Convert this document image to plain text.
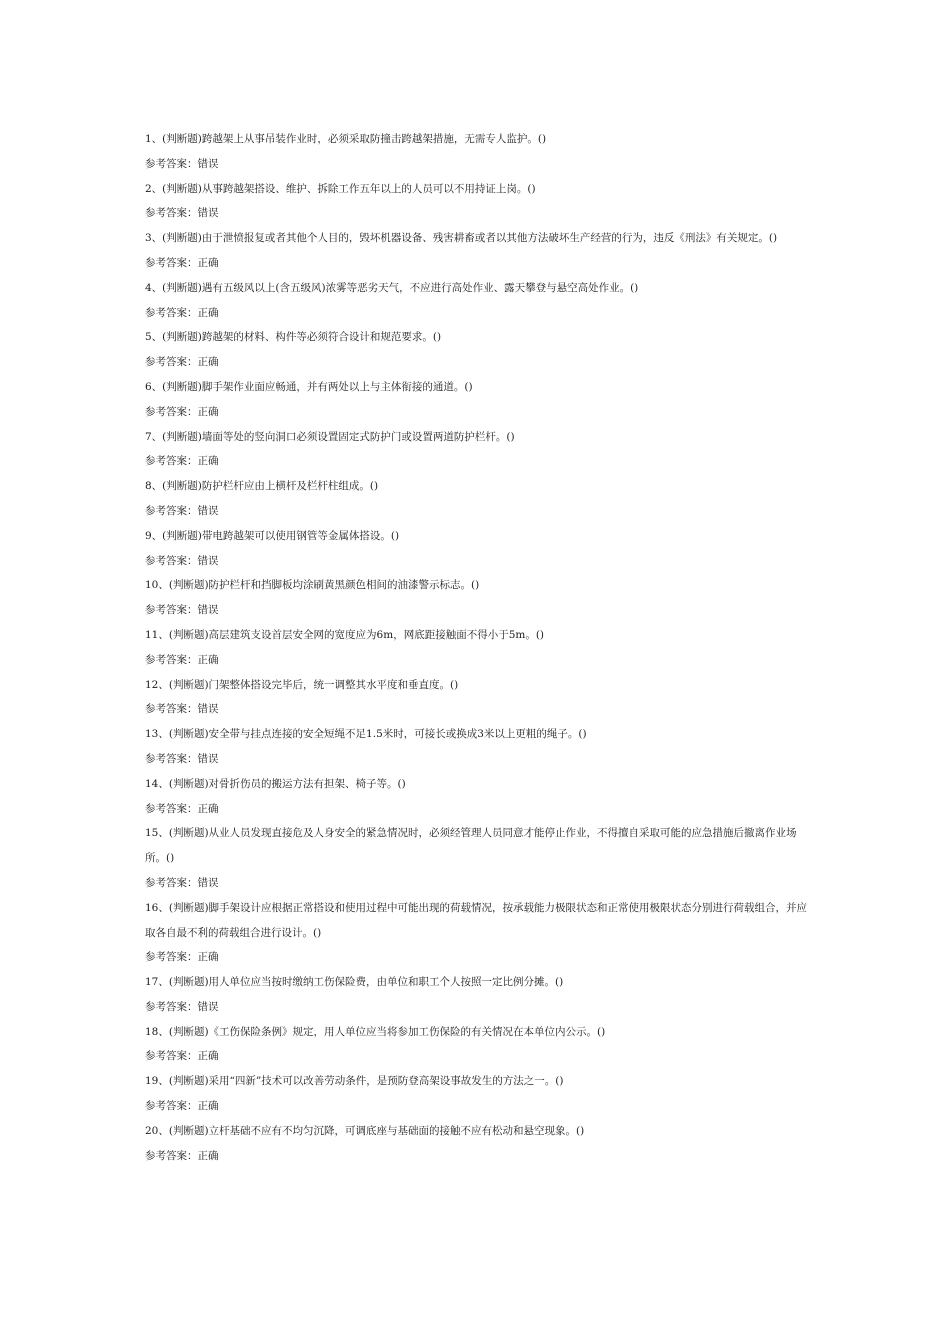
1、(判断题)跨越架上从事吊装作业时，必须采取防撞击跨越架措施，无需专人监护。()

参考答案：错误

2、(判断题)从事跨越架搭设、维护、拆除工作五年以上的人员可以不用持证上岗。()

参考答案：错误

3、(判断题)由于泄愤报复或者其他个人目的，毁坏机器设备、残害耕畜或者以其他方法破坏生产经营的行为，违反《刑法》有关规定。()

参考答案：正确

4、(判断题)遇有五级风以上(含五级风)浓雾等恶劣天气，不应进行高处作业、露天攀登与悬空高处作业。()

参考答案：正确

5、(判断题)跨越架的材料、构件等必须符合设计和规范要求。()

参考答案：正确

6、(判断题)脚手架作业面应畅通，并有两处以上与主体衔接的通道。()

参考答案：正确

7、(判断题)墙面等处的竖向洞口必须设置固定式防护门或设置两道防护栏杆。()

参考答案：正确

8、(判断题)防护栏杆应由上横杆及栏杆柱组成。()

参考答案：错误

9、(判断题)带电跨越架可以使用钢管等金属体搭设。()

参考答案：错误

10、(判断题)防护栏杆和挡脚板均涂刷黄黑颜色相间的油漆警示标志。()

参考答案：错误

11、(判断题)高层建筑支设首层安全网的宽度应为6m，网底距接触面不得小于5m。()

参考答案：正确

12、(判断题)门架整体搭设完毕后，统一调整其水平度和垂直度。()

参考答案：错误

13、(判断题)安全带与挂点连接的安全短绳不足1.5米时，可接长或换成3米以上更粗的绳子。()

参考答案：错误

14、(判断题)对骨折伤员的搬运方法有担架、椅子等。()

参考答案：正确

15、(判断题)从业人员发现直接危及人身安全的紧急情况时，必须经管理人员同意才能停止作业，不得擅自采取可能的应急措施后撤离作业场所。()

参考答案：错误

16、(判断题)脚手架设计应根据正常搭设和使用过程中可能出现的荷载情况，按承载能力极限状态和正常使用极限状态分别进行荷载组合，并应取各自最不利的荷载组合进行设计。()

参考答案：正确

17、(判断题)用人单位应当按时缴纳工伤保险费，由单位和职工个人按照一定比例分摊。()

参考答案：错误

18、(判断题)《工伤保险条例》规定，用人单位应当将参加工伤保险的有关情况在本单位内公示。()

参考答案：正确

19、(判断题)采用“四新”技术可以改善劳动条件，是预防登高架设事故发生的方法之一。()

参考答案：正确

20、(判断题)立杆基础不应有不均匀沉降，可调底座与基础面的接触不应有松动和悬空现象。()

参考答案：正确
